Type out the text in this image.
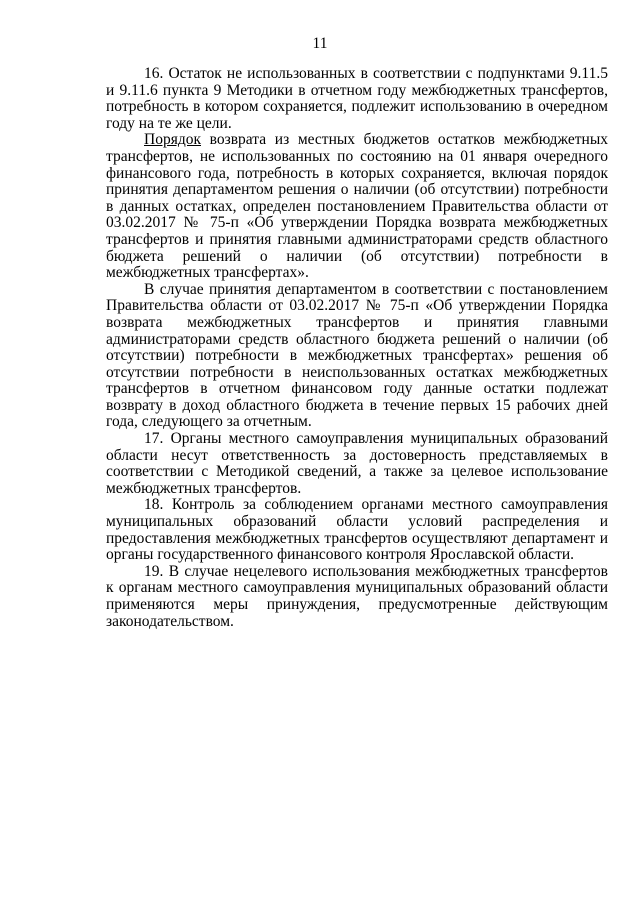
11

16. Остаток не использованных в соответствии с подпунктами 9.11.5 и 9.11.6 пункта 9 Методики в отчетном году межбюджетных трансфертов, потребность в котором сохраняется, подлежит использованию в очередном году на те же цели.

Порядок возврата из местных бюджетов остатков межбюджетных трансфертов, не использованных по состоянию на 01 января очередного финансового года, потребность в которых сохраняется, включая порядок принятия департаментом решения о наличии (об отсутствии) потребности в данных остатках, определен постановлением Правительства области от 03.02.2017 № 75-п «Об утверждении Порядка возврата межбюджетных трансфертов и принятия главными администраторами средств областного бюджета решений о наличии (об отсутствии) потребности в межбюджетных трансфертах».

В случае принятия департаментом в соответствии с постановлением Правительства области от 03.02.2017 № 75-п «Об утверждении Порядка возврата межбюджетных трансфертов и принятия главными администраторами средств областного бюджета решений о наличии (об отсутствии) потребности в межбюджетных трансфертах» решения об отсутствии потребности в неиспользованных остатках межбюджетных трансфертов в отчетном финансовом году данные остатки подлежат возврату в доход областного бюджета в течение первых 15 рабочих дней года, следующего за отчетным.

17. Органы местного самоуправления муниципальных образований области несут ответственность за достоверность представляемых в соответствии с Методикой сведений, а также за целевое использование межбюджетных трансфертов.

18. Контроль за соблюдением органами местного самоуправления муниципальных образований области условий распределения и предоставления межбюджетных трансфертов осуществляют департамент и органы государственного финансового контроля Ярославской области.

19. В случае нецелевого использования межбюджетных трансфертов к органам местного самоуправления муниципальных образований области применяются меры принуждения, предусмотренные действующим законодательством.
